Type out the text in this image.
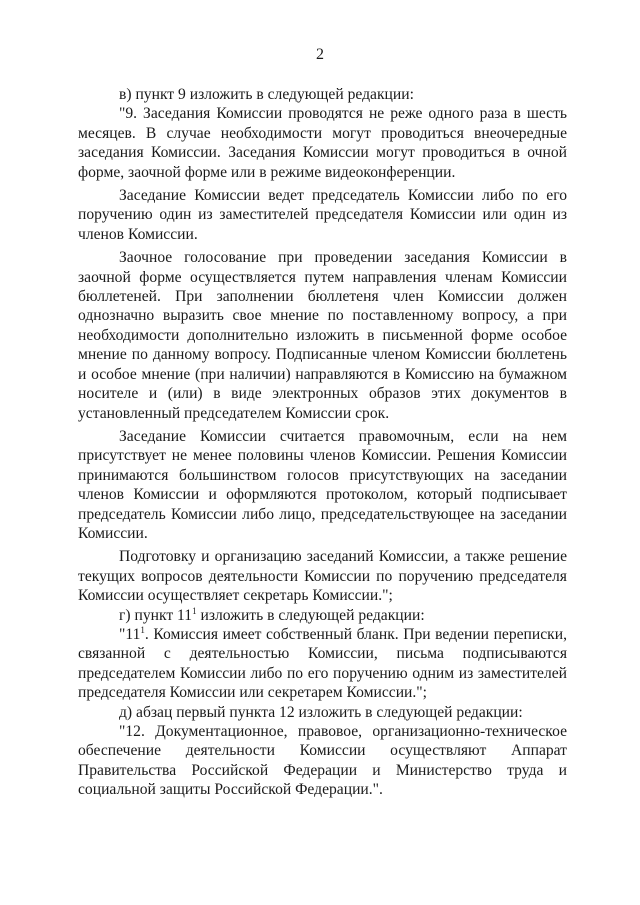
2

в) пункт 9 изложить в следующей редакции:

"9. Заседания Комиссии проводятся не реже одного раза в шесть месяцев. В случае необходимости могут проводиться внеочередные заседания Комиссии. Заседания Комиссии могут проводиться в очной форме, заочной форме или в режиме видеоконференции.

Заседание Комиссии ведет председатель Комиссии либо по его поручению один из заместителей председателя Комиссии или один из членов Комиссии.

Заочное голосование при проведении заседания Комиссии в заочной форме осуществляется путем направления членам Комиссии бюллетеней. При заполнении бюллетеня член Комиссии должен однозначно выразить свое мнение по поставленному вопросу, а при необходимости дополнительно изложить в письменной форме особое мнение по данному вопросу. Подписанные членом Комиссии бюллетень и особое мнение (при наличии) направляются в Комиссию на бумажном носителе и (или) в виде электронных образов этих документов в установленный председателем Комиссии срок.

Заседание Комиссии считается правомочным, если на нем присутствует не менее половины членов Комиссии. Решения Комиссии принимаются большинством голосов присутствующих на заседании членов Комиссии и оформляются протоколом, который подписывает председатель Комиссии либо лицо, председательствующее на заседании Комиссии.

Подготовку и организацию заседаний Комиссии, а также решение текущих вопросов деятельности Комиссии по поручению председателя Комиссии осуществляет секретарь Комиссии.";

г) пункт $11^1$ изложить в следующей редакции:

"$11^1$. Комиссия имеет собственный бланк. При ведении переписки, связанной с деятельностью Комиссии, письма подписываются председателем Комиссии либо по его поручению одним из заместителей председателя Комиссии или секретарем Комиссии.";

д) абзац первый пункта 12 изложить в следующей редакции:

"12. Документационное, правовое, организационно-техническое обеспечение деятельности Комиссии осуществляют Аппарат Правительства Российской Федерации и Министерство труда и социальной защиты Российской Федерации.".
